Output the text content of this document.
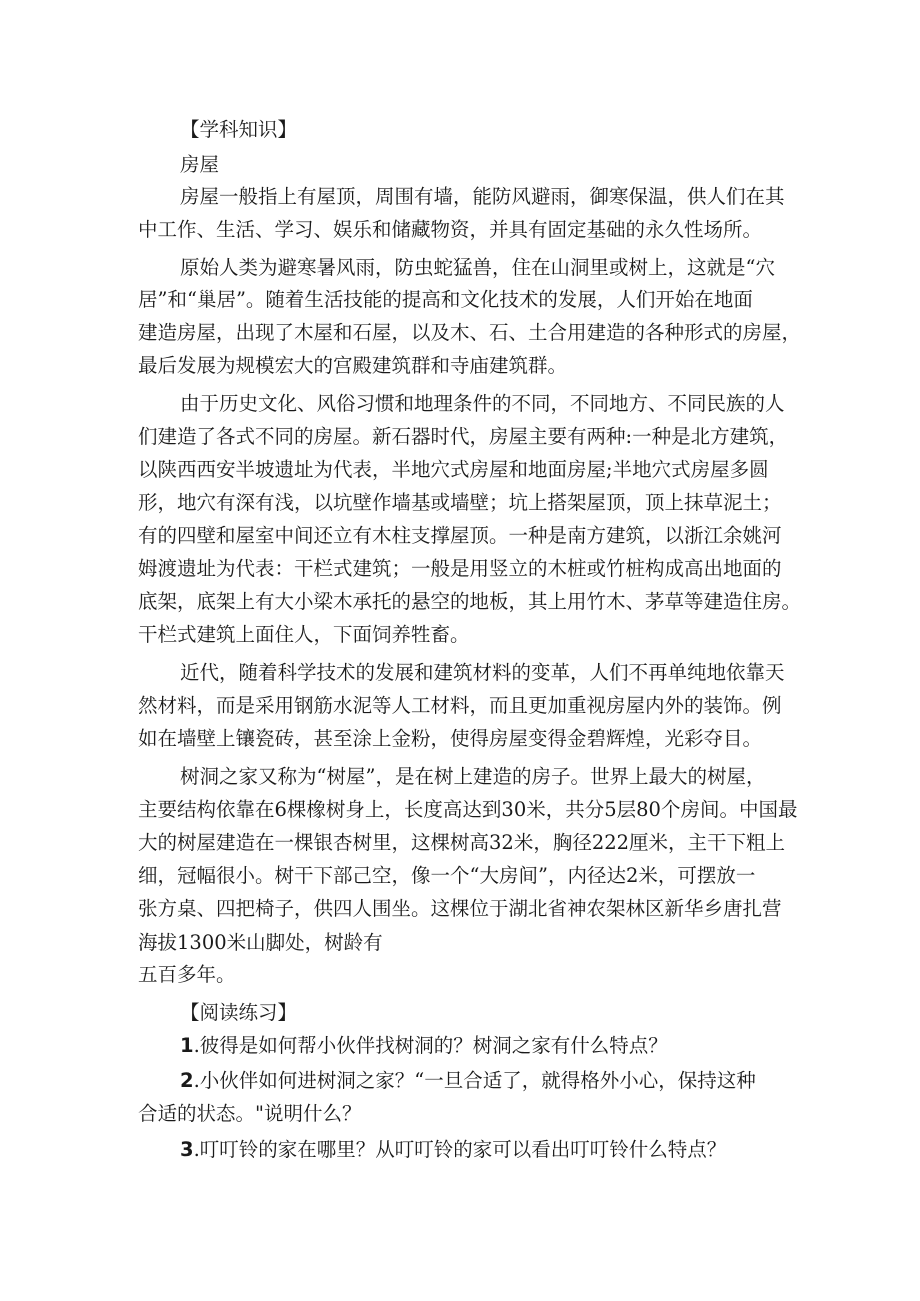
【学科知识】
房屋
房屋一般指上有屋顶，周围有墙，能防风避雨，御寒保温，供人们在其
中工作、生活、学习、娱乐和储藏物资，并具有固定基础的永久性场所。
原始人类为避寒暑风雨，防虫蛇猛兽，住在山洞里或树上，这就是“穴
居”和“巢居”。随着生活技能的提高和文化技术的发展，人们开始在地面
建造房屋，出现了木屋和石屋，以及木、石、土合用建造的各种形式的房屋，
最后发展为规模宏大的宫殿建筑群和寺庙建筑群。
由于历史文化、风俗习惯和地理条件的不同，不同地方、不同民族的人
们建造了各式不同的房屋。新石器时代，房屋主要有两种:一种是北方建筑，
以陕西西安半坡遗址为代表，半地穴式房屋和地面房屋;半地穴式房屋多圆
形，地穴有深有浅，以坑壁作墙基或墙壁；坑上搭架屋顶，顶上抹草泥土；
有的四壁和屋室中间还立有木柱支撑屋顶。一种是南方建筑，以浙江余姚河
姆渡遗址为代表：干栏式建筑；一般是用竖立的木桩或竹桩构成高出地面的
底架，底架上有大小梁木承托的悬空的地板，其上用竹木、茅草等建造住房。
干栏式建筑上面住人，下面饲养牲畜。
近代，随着科学技术的发展和建筑材料的变革，人们不再单纯地依靠天
然材料，而是采用钢筋水泥等人工材料，而且更加重视房屋内外的装饰。例
如在墙壁上镶瓷砖，甚至涂上金粉，使得房屋变得金碧辉煌，光彩夺目。
树洞之家又称为“树屋”，是在树上建造的房子。世界上最大的树屋，
主要结构依靠在6棵橡树身上，长度高达到30米，共分5层80个房间。中国最
大的树屋建造在一棵银杏树里，这棵树高32米，胸径222厘米，主干下粗上
细，冠幅很小。树干下部己空，像一个“大房间”，内径达2米，可摆放一
张方桌、四把椅子，供四人围坐。这棵位于湖北省神农架林区新华乡唐扎营
海拔1300米山脚处，树龄有
五百多年。
【阅读练习】
1.彼得是如何帮小伙伴找树洞的？树洞之家有什么特点？
2.小伙伴如何进树洞之家？“一旦合适了，就得格外小心，保持这种
合适的状态。"说明什么？
3.叮叮铃的家在哪里？从叮叮铃的家可以看出叮叮铃什么特点？
